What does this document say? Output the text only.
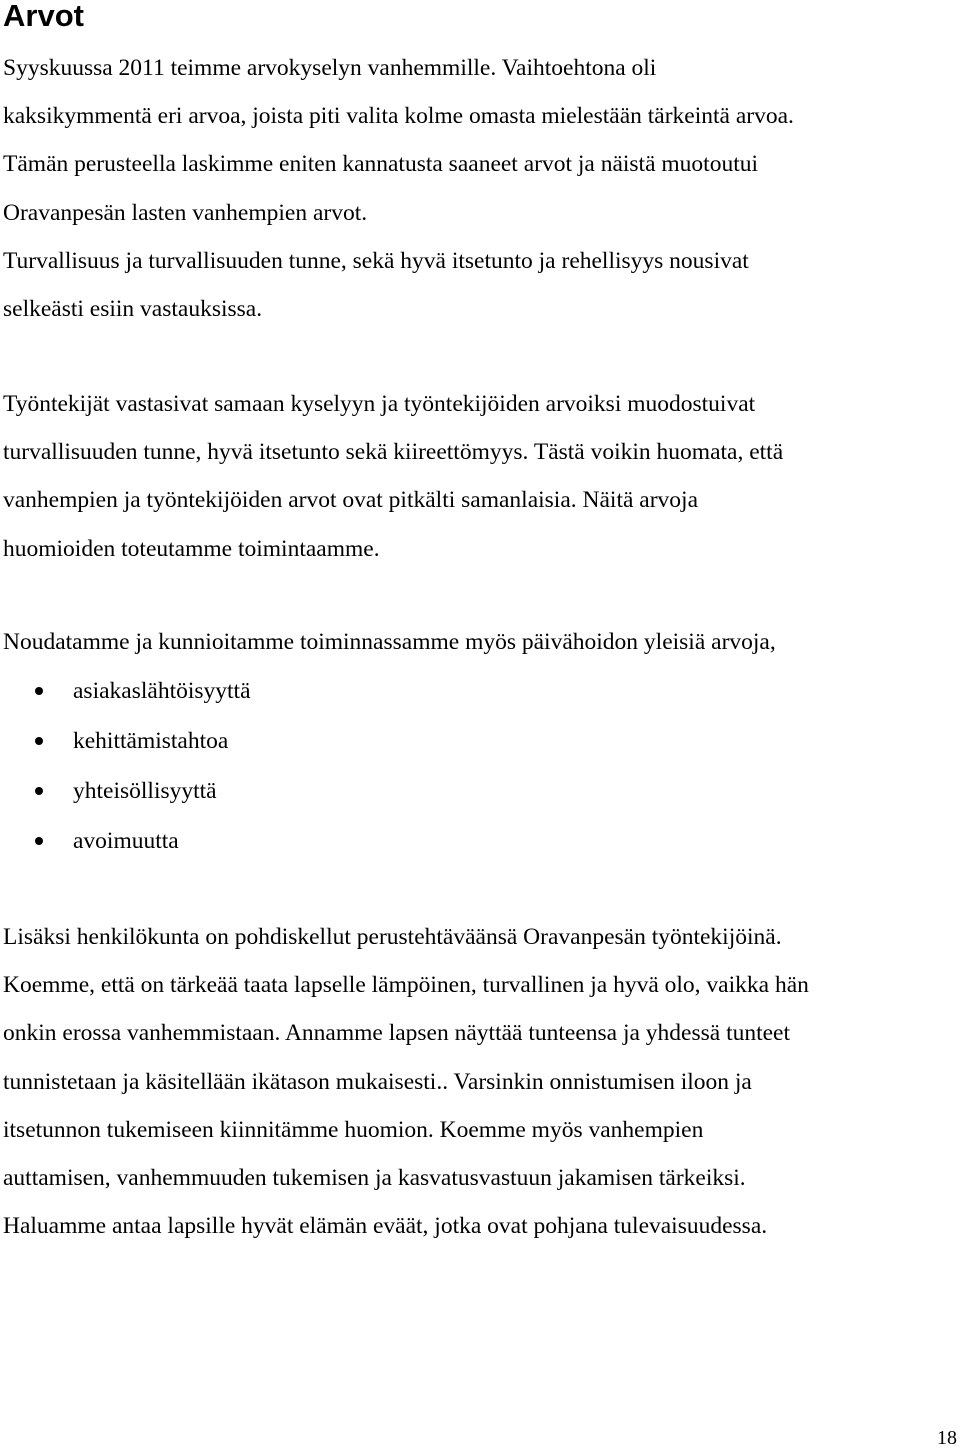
Arvot
Syyskuussa 2011 teimme arvokyselyn vanhemmille. Vaihtoehtona oli
kaksikymmentä eri arvoa, joista piti valita kolme omasta mielestään tärkeintä arvoa.
Tämän perusteella laskimme eniten kannatusta saaneet arvot ja näistä muotoutui
Oravanpesän lasten vanhempien arvot.
Turvallisuus ja turvallisuuden tunne, sekä hyvä itsetunto ja rehellisyys nousivat
selkeästi esiin vastauksissa.
Työntekijät vastasivat samaan kyselyyn ja työntekijöiden arvoiksi muodostuivat
turvallisuuden tunne, hyvä itsetunto sekä kiireettömyys. Tästä voikin huomata, että
vanhempien ja työntekijöiden arvot ovat pitkälti samanlaisia. Näitä arvoja
huomioiden toteutamme toimintaamme.
Noudatamme ja kunnioitamme toiminnassamme myös päivähoidon yleisiä arvoja,
asiakaslähtöisyyttä
kehittämistahtoa
yhteisöllisyyttä
avoimuutta
Lisäksi henkilökunta on pohdiskellut perustehtäväänsä Oravanpesän työntekijöinä.
Koemme, että on tärkeää taata lapselle lämpöinen, turvallinen ja hyvä olo, vaikka hän
onkin erossa vanhemmistaan. Annamme lapsen näyttää tunteensa ja yhdessä tunteet
tunnistetaan ja käsitellään ikätason mukaisesti.. Varsinkin onnistumisen iloon ja
itsetunnon tukemiseen kiinnitämme huomion. Koemme myös vanhempien
auttamisen, vanhemmuuden tukemisen ja kasvatusvastuun jakamisen tärkeiksi.
Haluamme antaa lapsille hyvät elämän eväät, jotka ovat pohjana tulevaisuudessa.
18
